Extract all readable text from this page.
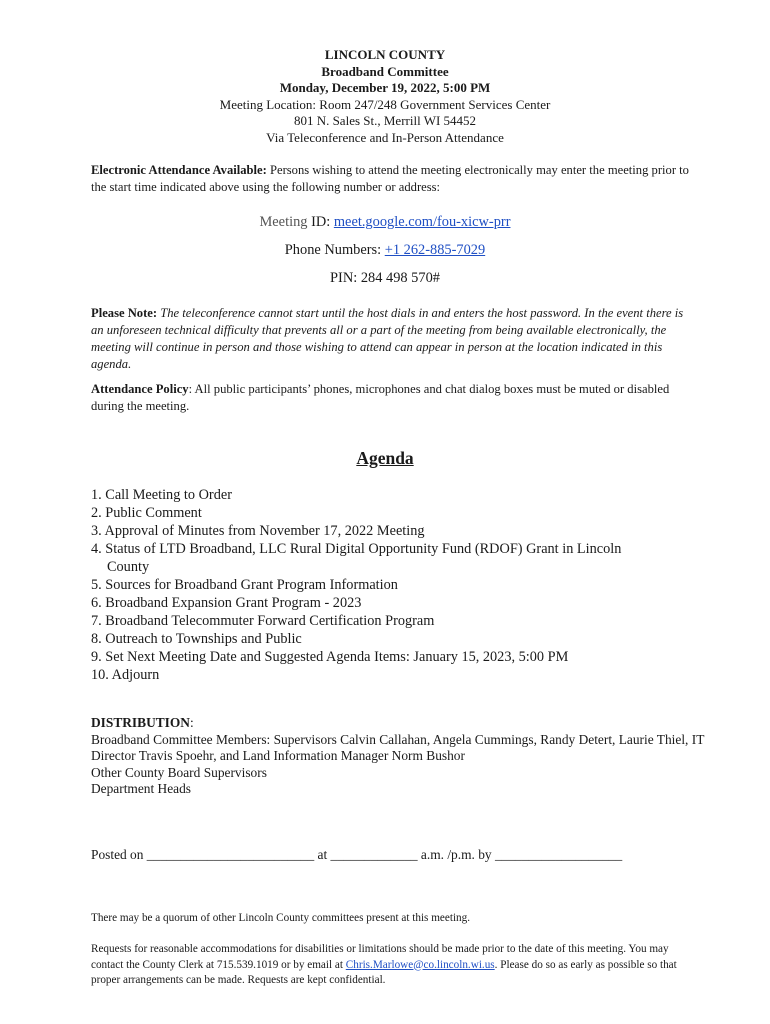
LINCOLN COUNTY
Broadband Committee
Monday, December 19, 2022, 5:00 PM
Meeting Location: Room 247/248 Government Services Center
801 N. Sales St., Merrill WI 54452
Via Teleconference and In-Person Attendance
Electronic Attendance Available: Persons wishing to attend the meeting electronically may enter the meeting prior to the start time indicated above using the following number or address:
Meeting ID: meet.google.com/fou-xicw-prr
Phone Numbers: +1 262-885-7029
PIN: 284 498 570#
Please Note: The teleconference cannot start until the host dials in and enters the host password. In the event there is an unforeseen technical difficulty that prevents all or a part of the meeting from being available electronically, the meeting will continue in person and those wishing to attend can appear in person at the location indicated in this agenda.
Attendance Policy: All public participants’ phones, microphones and chat dialog boxes must be muted or disabled during the meeting.
Agenda
1. Call Meeting to Order
2. Public Comment
3. Approval of Minutes from November 17, 2022 Meeting
4. Status of LTD Broadband, LLC Rural Digital Opportunity Fund (RDOF) Grant in Lincoln
County
5. Sources for Broadband Grant Program Information
6. Broadband Expansion Grant Program - 2023
7. Broadband Telecommuter Forward Certification Program
8. Outreach to Townships and Public
9. Set Next Meeting Date and Suggested Agenda Items: January 15, 2023, 5:00 PM
10. Adjourn
DISTRIBUTION:
Broadband Committee Members: Supervisors Calvin Callahan, Angela Cummings, Randy Detert, Laurie Thiel, IT Director Travis Spoehr, and Land Information Manager Norm Bushor
Other County Board Supervisors
Department Heads
Posted on _________________________ at _____________ a.m. /p.m. by ___________________
There may be a quorum of other Lincoln County committees present at this meeting.
Requests for reasonable accommodations for disabilities or limitations should be made prior to the date of this meeting. You may contact the County Clerk at 715.539.1019 or by email at Chris.Marlowe@co.lincoln.wi.us. Please do so as early as possible so that proper arrangements can be made. Requests are kept confidential.
